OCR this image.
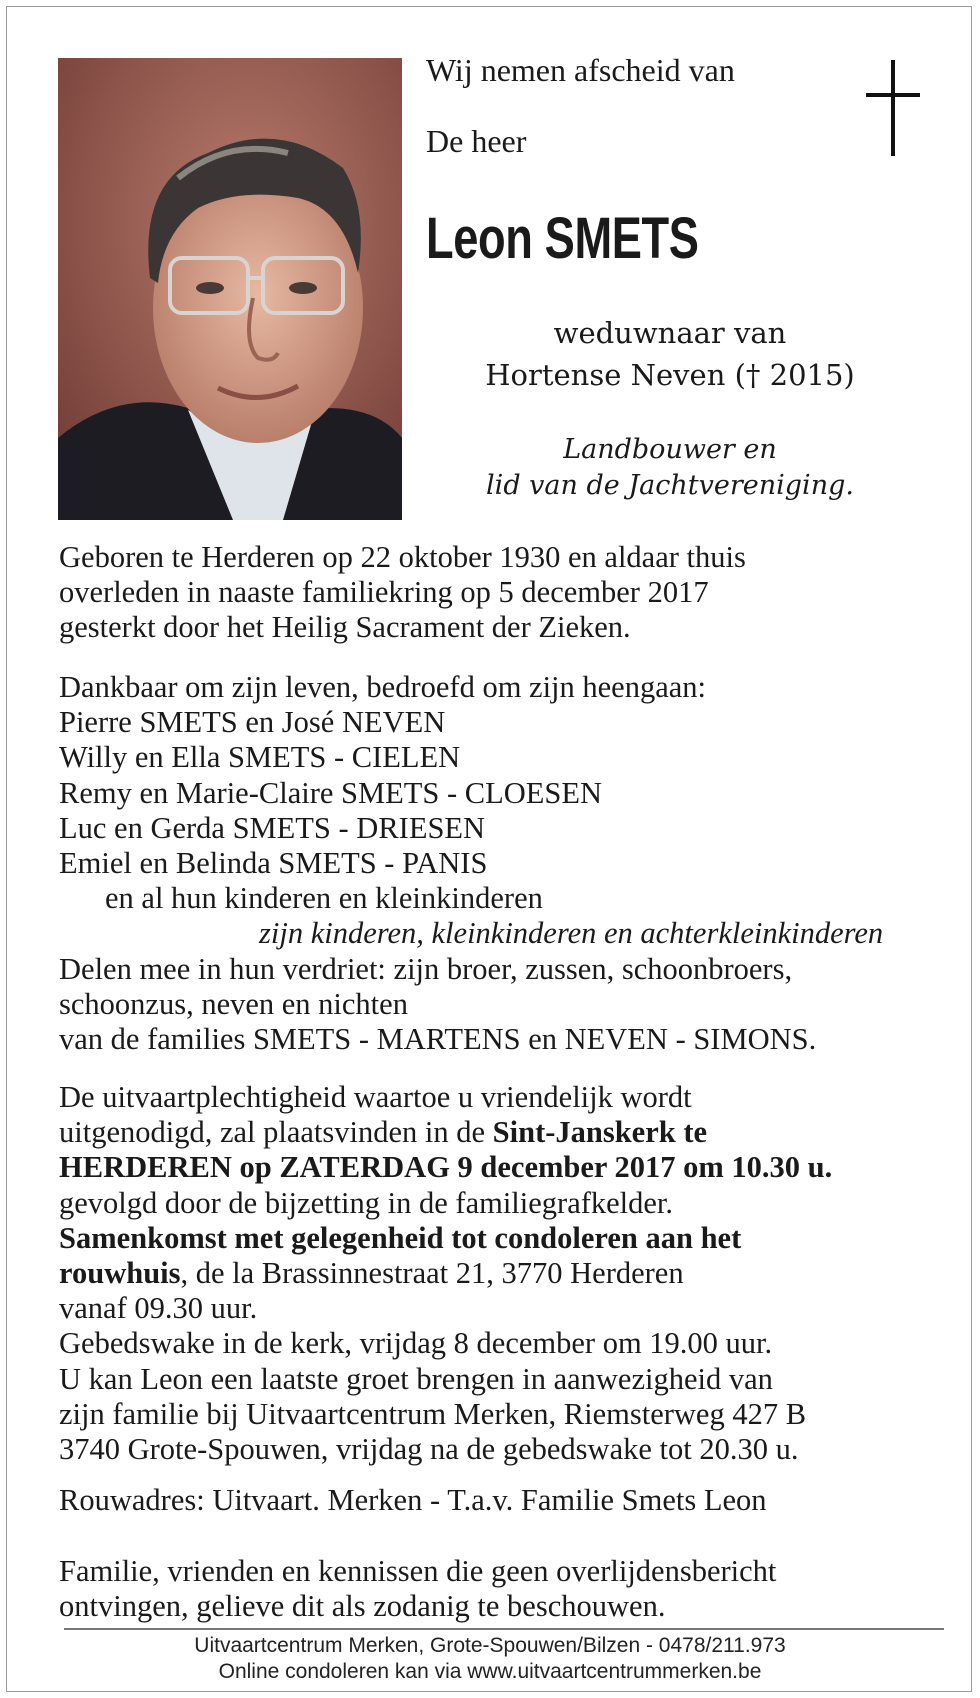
Wij nemen afscheid van
De heer
Leon SMETS
weduwnaar van
Hortense Neven († 2015)
Landbouwer en
lid van de Jachtvereniging.

Geboren te Herderen op 22 oktober 1930 en aldaar thuis

overleden in naaste familiekring op 5 december 2017

gesterkt door het Heilig Sacrament der Zieken.

Dankbaar om zijn leven, bedroefd om zijn heengaan:

Pierre SMETS en José NEVEN

Willy en Ella SMETS - CIELEN

Remy en Marie-Claire SMETS - CLOESEN

Luc en Gerda SMETS - DRIESEN

Emiel en Belinda SMETS - PANIS

en al hun kinderen en kleinkinderen

zijn kinderen, kleinkinderen en achterkleinkinderen

Delen mee in hun verdriet: zijn broer, zussen, schoonbroers,

schoonzus, neven en nichten

van de families SMETS - MARTENS en NEVEN - SIMONS.

De uitvaartplechtigheid waartoe u vriendelijk wordt

uitgenodigd, zal plaatsvinden in de Sint-Janskerk te

HERDEREN op ZATERDAG 9 december 2017 om 10.30 u.

gevolgd door de bijzetting in de familiegrafkelder.

Samenkomst met gelegenheid tot condoleren aan het

rouwhuis, de la Brassinnestraat 21, 3770 Herderen

vanaf 09.30 uur.

Gebedswake in de kerk, vrijdag 8 december om 19.00 uur.

U kan Leon een laatste groet brengen in aanwezigheid van

zijn familie bij Uitvaartcentrum Merken, Riemsterweg 427 B

3740 Grote-Spouwen, vrijdag na de gebedswake tot 20.30 u.

Rouwadres: Uitvaart. Merken - T.a.v. Familie Smets Leon

Familie, vrienden en kennissen die geen overlijdensbericht

ontvingen, gelieve dit als zodanig te beschouwen.

Uitvaartcentrum Merken, Grote-Spouwen/Bilzen - 0478/211.973
Online condoleren kan via www.uitvaartcentrummerken.be
